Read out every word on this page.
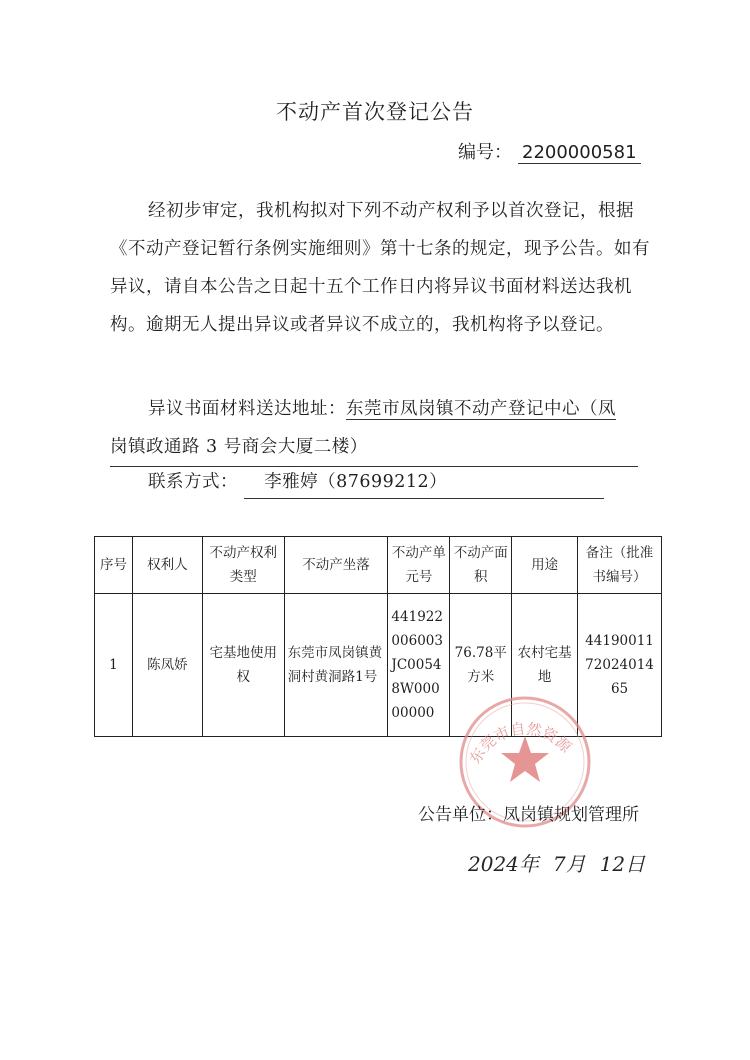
不动产首次登记公告
编号： 2200000581
经初步审定，我机构拟对下列不动产权利予以首次登记，根据《不动产登记暂行条例实施细则》第十七条的规定，现予公告。如有异议，请自本公告之日起十五个工作日内将异议书面材料送达我机构。逾期无人提出异议或者异议不成立的，我机构将予以登记。
异议书面材料送达地址：东莞市凤岗镇不动产登记中心（凤
岗镇政通路 3 号商会大厦二楼）
联系方式： 李雅婷（87699212）
序号	权利人	不动产权利类型	不动产坐落	不动产单元号	不动产面积	用途	备注（批准书编号）
1	陈凤娇	宅基地使用权	东莞市凤岗镇黄洞村黄洞路1号	441922006003JC00548W00000000	76.78平方米	农村宅基地	441900117202401465
东莞市自然资源
公告单位：凤岗镇规划管理所
2024年 7月 12日
